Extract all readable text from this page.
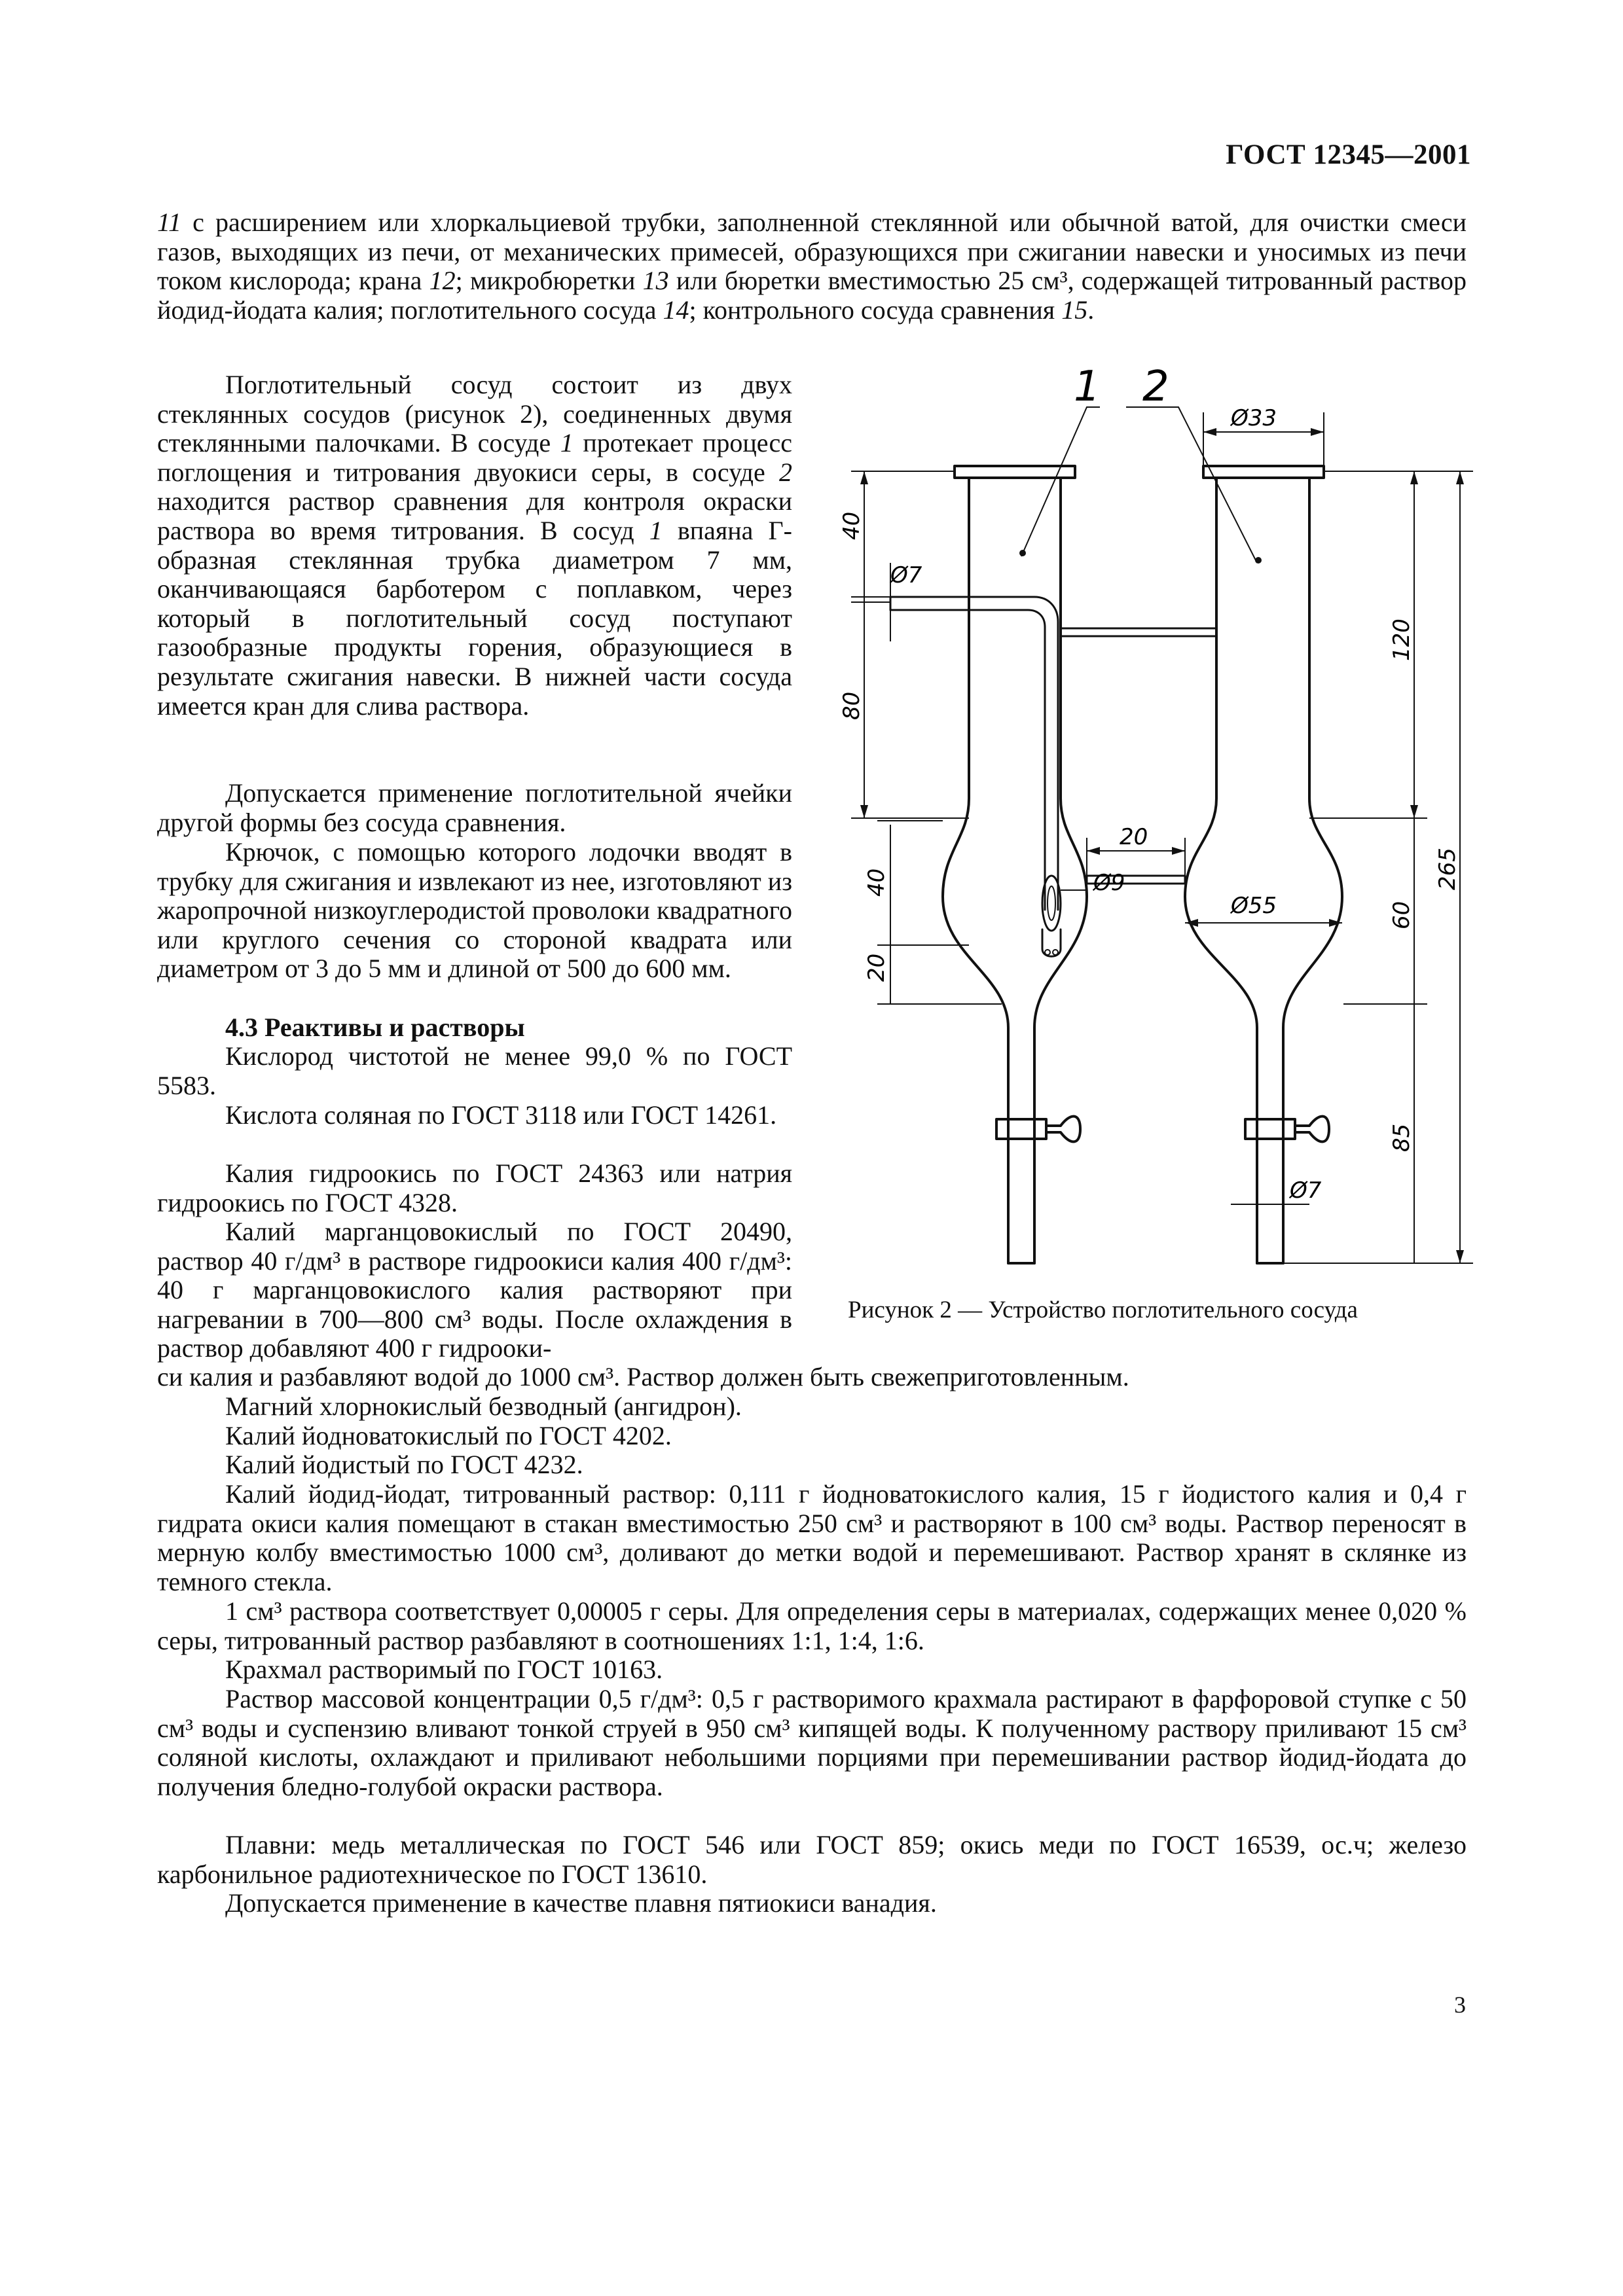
ГОСТ 12345—2001

11 с расширением или хлоркальциевой трубки, заполненной стеклянной или обычной ватой, для очистки смеси газов, выходящих из печи, от механических примесей, образующихся при сжигании навески и уносимых из печи током кислорода; крана 12; микробюретки 13 или бюретки вместимостью 25 см³, содержащей титрованный раствор йодид-йодата калия; поглотительного сосуда 14; контрольного сосуда сравнения 15.

Поглотительный сосуд состоит из двух стеклянных сосудов (рисунок 2), соединенных двумя стеклянными палочками. В сосуде 1 протекает процесс поглощения и титрования двуокиси серы, в сосуде 2 находится раствор сравнения для контроля окраски раствора во время титрования. В сосуд 1 впаяна Г-образная стеклянная трубка диаметром 7 мм, оканчивающаяся барботером с поплавком, через который в поглотительный сосуд поступают газообразные продукты горения, образующиеся в результате сжигания навески. В нижней части сосуда имеется кран для слива раствора.

Допускается применение поглотительной ячейки другой формы без сосуда сравнения.

Крючок, с помощью которого лодочки вводят в трубку для сжигания и извлекают из нее, изготовляют из жаропрочной низкоуглеродистой проволоки квадратного или круглого сечения со стороной квадрата или диаметром от 3 до 5 мм и длиной от 500 до 600 мм.

4.3 Реактивы и растворы

Кислород чистотой не менее 99,0 % по ГОСТ 5583.

Кислота соляная по ГОСТ 3118 или ГОСТ 14261.

Калия гидроокись по ГОСТ 24363 или натрия гидроокись по ГОСТ 4328.

Калий марганцовокислый по ГОСТ 20490, раствор 40 г/дм³ в растворе гидроокиси калия 400 г/дм³: 40 г марганцовокислого калия растворяют при нагревании в 700—800 см³ воды. После охлаждения в раствор добавляют 400 г гидрооки-

си калия и разбавляют водой до 1000 см³. Раствор должен быть свежеприготовленным.

Магний хлорнокислый безводный (ангидрон).

Калий йодноватокислый по ГОСТ 4202.

Калий йодистый по ГОСТ 4232.

Калий йодид-йодат, титрованный раствор: 0,111 г йодноватокислого калия, 15 г йодистого калия и 0,4 г гидрата окиси калия помещают в стакан вместимостью 250 см³ и растворяют в 100 см³ воды. Раствор переносят в мерную колбу вместимостью 1000 см³, доливают до метки водой и перемешивают. Раствор хранят в склянке из темного стекла.

1 см³ раствора соответствует 0,00005 г серы. Для определения серы в материалах, содержащих менее 0,020 % серы, титрованный раствор разбавляют в соотношениях 1:1, 1:4, 1:6.

Крахмал растворимый по ГОСТ 10163.

Раствор массовой концентрации 0,5 г/дм³: 0,5 г растворимого крахмала растирают в фарфоровой ступке с 50 см³ воды и суспензию вливают тонкой струей в 950 см³ кипящей воды. К полученному раствору приливают 15 см³ соляной кислоты, охлаждают и приливают небольшими порциями при перемешивании раствор йодид-йодата до получения бледно-голубой окраски раствора.

Плавни: медь металлическая по ГОСТ 546 или ГОСТ 859; окись меди по ГОСТ 16539, ос.ч; железо карбонильное радиотехническое по ГОСТ 13610.

Допускается применение в качестве плавня пятиокиси ванадия.

3
1 2
Ø33
Ø7
Ø9
Ø55
20
Ø7
40
80
40
20
120
60
85
265
Рисунок 2 — Устройство поглотительного сосуда
